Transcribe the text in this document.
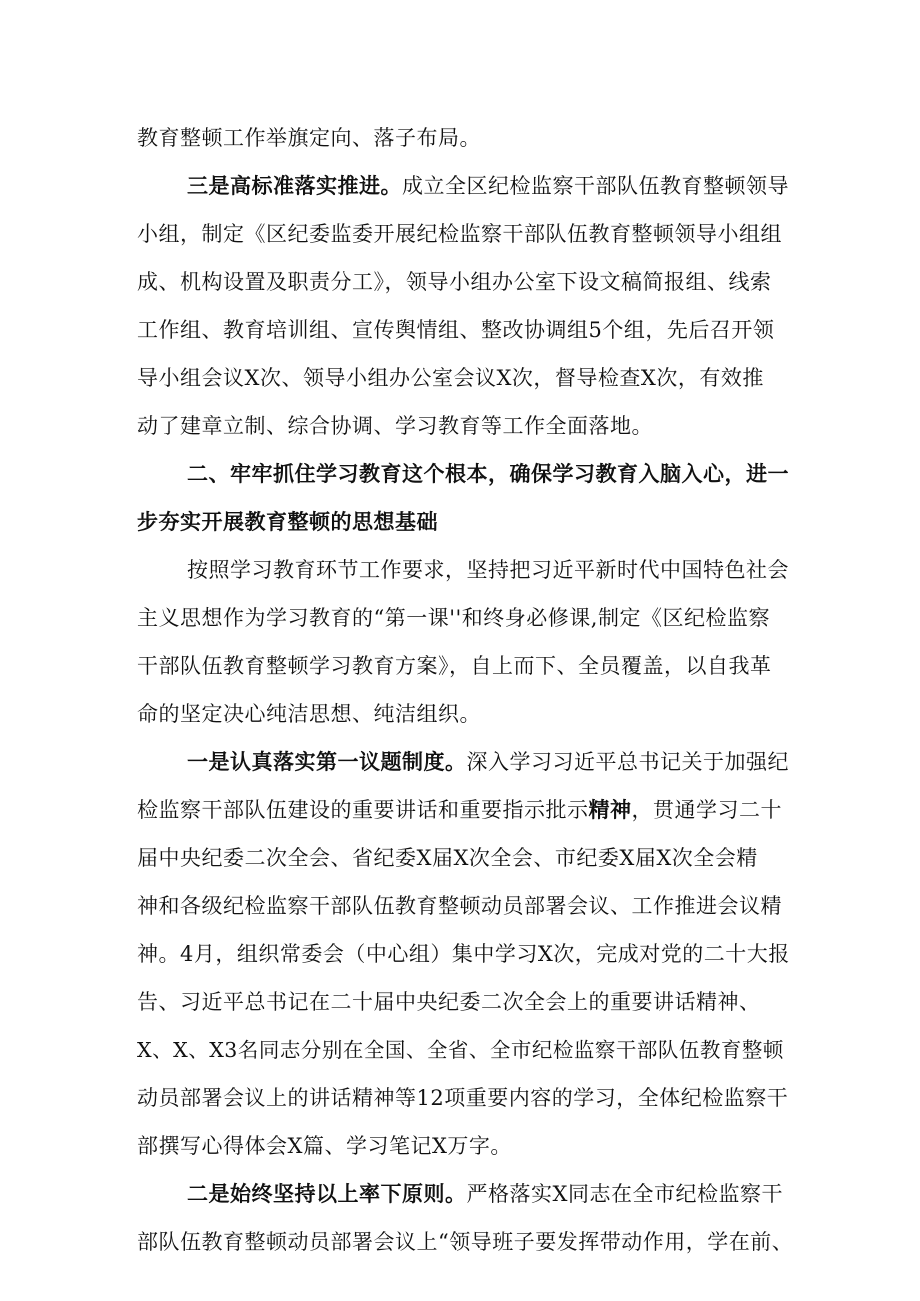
教育整顿工作举旗定向、落子布局。
三是高标准落实推进。成立全区纪检监察干部队伍教育整顿领导
小组，制定《区纪委监委开展纪检监察干部队伍教育整顿领导小组组
成、机构设置及职责分工》，领导小组办公室下设文稿简报组、线索
工作组、教育培训组、宣传舆情组、整改协调组5个组，先后召开领
导小组会议X次、领导小组办公室会议X次，督导检查X次，有效推
动了建章立制、综合协调、学习教育等工作全面落地。
二、牢牢抓住学习教育这个根本，确保学习教育入脑入心，进一
步夯实开展教育整顿的思想基础
按照学习教育环节工作要求，坚持把习近平新时代中国特色社会
主义思想作为学习教育的“第一课''和终身必修课,制定《区纪检监察
干部队伍教育整顿学习教育方案》，自上而下、全员覆盖，以自我革
命的坚定决心纯洁思想、纯洁组织。
一是认真落实第一议题制度。深入学习习近平总书记关于加强纪
检监察干部队伍建设的重要讲话和重要指示批示精神，贯通学习二十
届中央纪委二次全会、省纪委X届X次全会、市纪委X届X次全会精
神和各级纪检监察干部队伍教育整顿动员部署会议、工作推进会议精
神。4月，组织常委会（中心组）集中学习X次，完成对党的二十大报
告、习近平总书记在二十届中央纪委二次全会上的重要讲话精神、
X、X、X3名同志分别在全国、全省、全市纪检监察干部队伍教育整顿
动员部署会议上的讲话精神等12项重要内容的学习，全体纪检监察干
部撰写心得体会X篇、学习笔记X万字。
二是始终坚持以上率下原则。严格落实X同志在全市纪检监察干
部队伍教育整顿动员部署会议上“领导班子要发挥带动作用，学在前、
